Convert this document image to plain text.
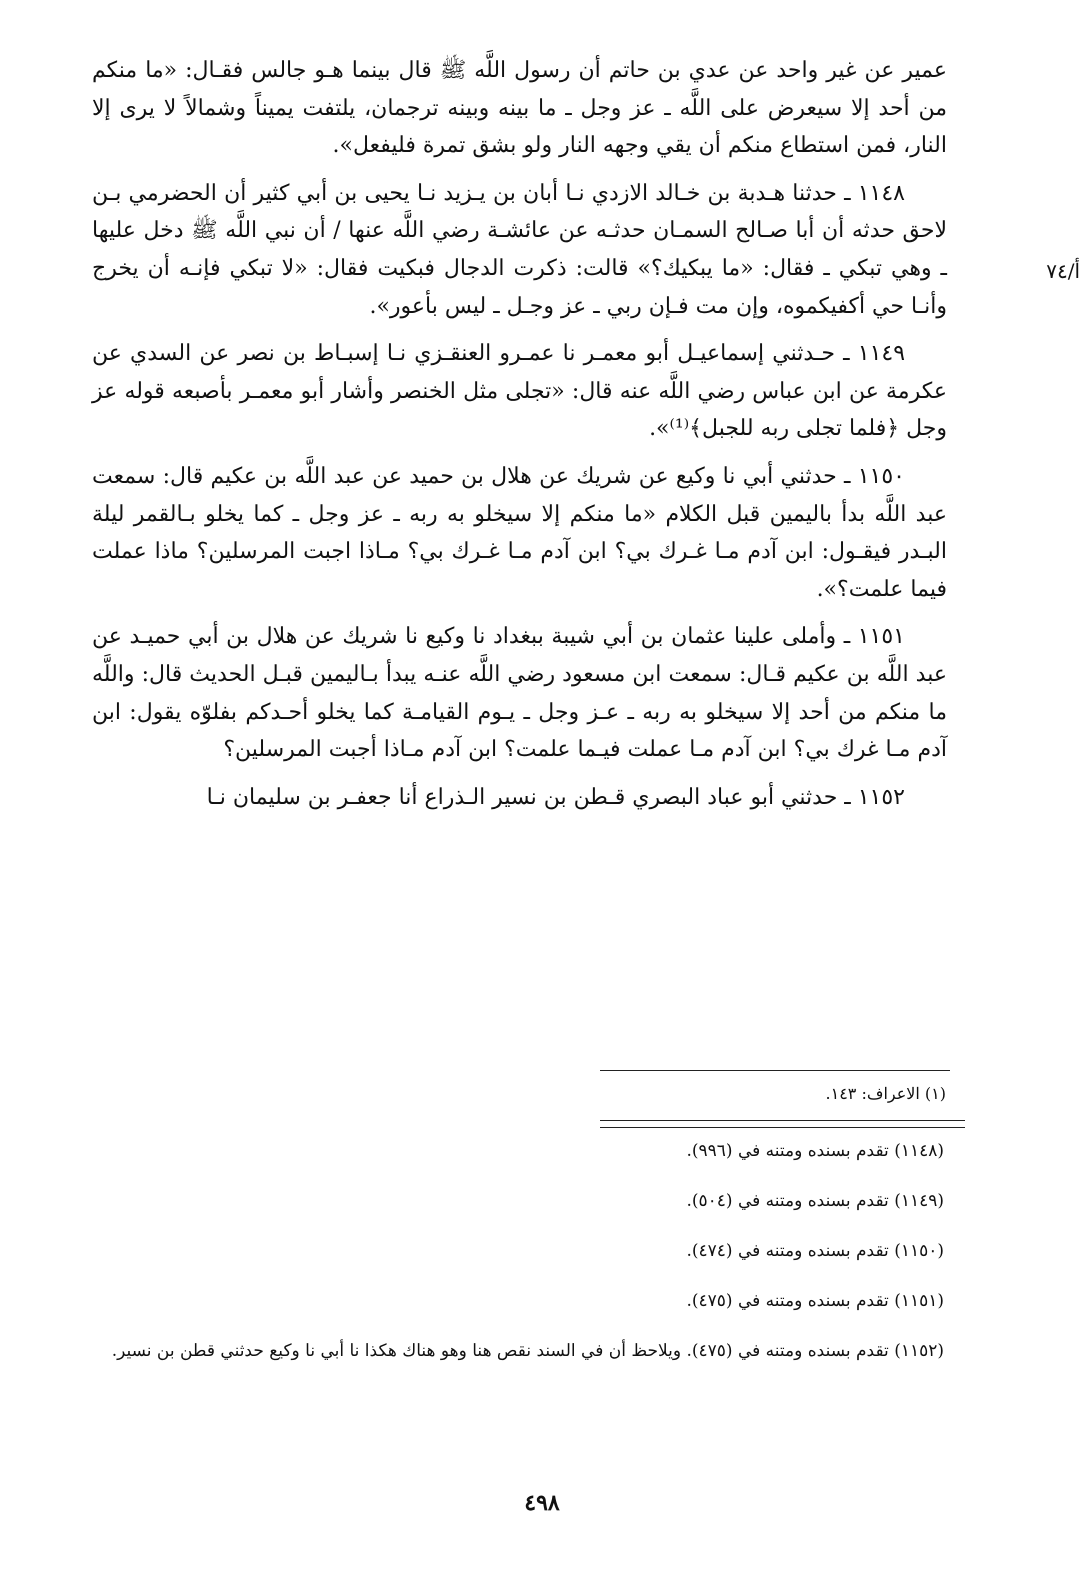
عمير عن غير واحد عن عدي بن حاتم أن رسول اللَّه ﷺ قال بينما هـو جالس فقـال: «ما منكم من أحد إلا سيعرض على اللَّه ـ عز وجل ـ ما بينه وبينه ترجمان، يلتفت يميناً وشمالاً لا يرى إلا النار، فمن استطاع منكم أن يقي وجهه النار ولو بشق تمرة فليفعل».

١١٤٨ ـ حدثنا هـدبة بن خـالد الازدي نـا أبان بن يـزيد نـا يحيى بن أبي كثير أن الحضرمي بـن لاحق حدثه أن أبا صـالح السمـان حدثـه عن عائشـة رضي اللَّه عنها / أن نبي اللَّه ﷺ دخل عليها ـ وهي تبكي ـ فقال: «ما يبكيك؟» قالت: ذكرت الدجال فبكيت فقال: «لا تبكي فإنـه أن يخرج وأنـا حي أكفيكموه، وإن مت فـإن ربي ـ عز وجـل ـ ليس بأعور».

١١٤٩ ـ حـدثني إسماعيـل أبو معمـر نا عمـرو العنقـزي نـا إسبـاط بن نصر عن السدي عن عكرمة عن ابن عباس رضي اللَّه عنه قال: «تجلى مثل الخنصر وأشار أبو معمـر بأصبعه قوله عز وجل ﴿فلما تجلى ربه للجبل﴾⁽¹⁾».

١١٥٠ ـ حدثني أبي نا وكيع عن شريك عن هلال بن حميد عن عبد اللَّه بن عكيم قال: سمعت عبد اللَّه بدأ باليمين قبل الكلام «ما منكم إلا سيخلو به ربه ـ عز وجل ـ كما يخلو بـالقمر ليلة البـدر فيقـول: ابن آدم مـا غـرك بي؟ ابن آدم مـا غـرك بي؟ مـاذا اجبت المرسلين؟ ماذا عملت فيما علمت؟».

١١٥١ ـ وأملى علينا عثمان بن أبي شيبة ببغداد نا وكيع نا شريك عن هلال بن أبي حميـد عن عبد اللَّه بن عكيم قـال: سمعت ابن مسعود رضي اللَّه عنـه يبدأ بـاليمين قبـل الحديث قال: واللَّه ما منكم من أحد إلا سيخلو به ربه ـ عـز وجل ـ يـوم القيامـة كما يخلو أحـدكم بفلوّه يقول: ابن آدم مـا غرك بي؟ ابن آدم مـا عملت فيـما علمت؟ ابن آدم مـاذا أجبت المرسلين؟

١١٥٢ ـ حدثني أبو عباد البصري قـطن بن نسير الـذراع أنا جعفـر بن سليمان نـا

أ/٧٤
(١) الاعراف: ١٤٣.

(١١٤٨) تقدم بسنده ومتنه في (٩٩٦).

(١١٤٩) تقدم بسنده ومتنه في (٥٠٤).

(١١٥٠) تقدم بسنده ومتنه في (٤٧٤).

(١١٥١) تقدم بسنده ومتنه في (٤٧٥).

(١١٥٢) تقدم بسنده ومتنه في (٤٧٥). ويلاحظ أن في السند نقص هنا وهو هناك هكذا نا أبي نا وكيع حدثني قطن بن نسير.

٤٩٨
